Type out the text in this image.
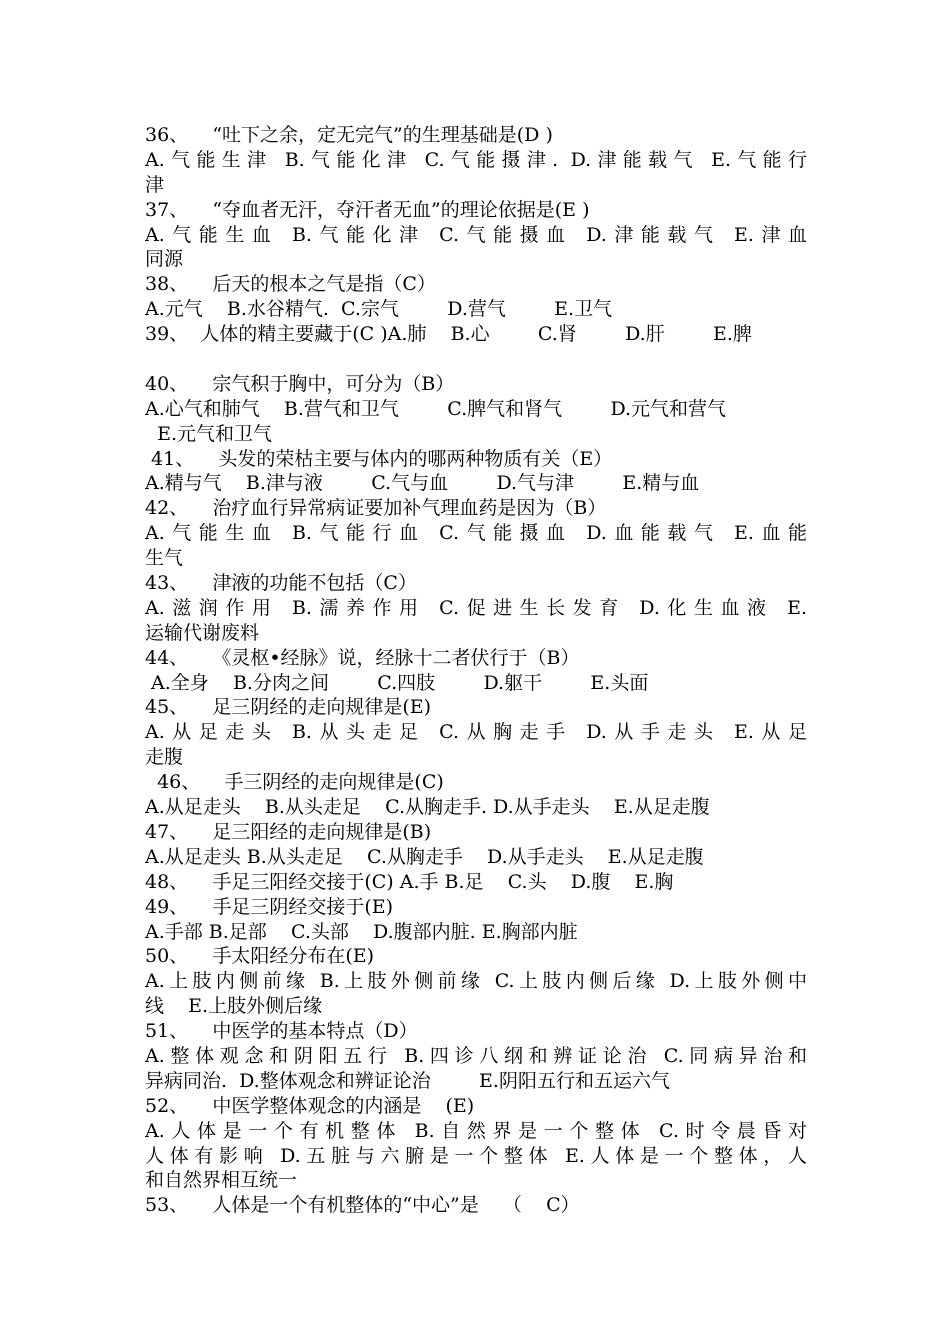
36、    “吐下之余，定无完气”的生理基础是(D )
A.气能生津 B.气能化津 C.气能摄津. D.津能载气 E.气能行
津
37、    “夺血者无汗，夺汗者无血”的理论依据是(E )
A.气能生血 B.气能化津 C.气能摄血 D.津能载气 E.津血
同源
38、    后天的根本之气是指（C）
A.元气    B.水谷精气.  C.宗气        D.营气        E.卫气
39、  人体的精主要藏于(C )A.肺    B.心        C.肾        D.肝        E.脾
40、    宗气积于胸中，可分为（B）
A.心气和肺气    B.营气和卫气        C.脾气和肾气        D.元气和营气
E.元气和卫气
41、    头发的荣枯主要与体内的哪两种物质有关（E）
A.精与气    B.津与液        C.气与血        D.气与津        E.精与血
42、    治疗血行异常病证要加补气理血药是因为（B）
A.气能生血 B.气能行血 C.气能摄血 D.血能载气 E.血能
生气
43、    津液的功能不包括（C）
A.滋润作用 B.濡养作用 C.促进生长发育 D.化生血液 E.
运输代谢废料
44、    《灵枢•经脉》说，经脉十二者伏行于（B）
A.全身    B.分肉之间        C.四肢        D.躯干        E.头面
45、    足三阴经的走向规律是(E)
A.从足走头 B.从头走足 C.从胸走手 D.从手走头 E.从足
走腹
46、    手三阴经的走向规律是(C)
A.从足走头    B.从头走足    C.从胸走手. D.从手走头    E.从足走腹
47、    足三阳经的走向规律是(B)
A.从足走头 B.从头走足    C.从胸走手    D.从手走头    E.从足走腹
48、    手足三阳经交接于(C) A.手 B.足    C.头    D.腹    E.胸
49、    手足三阴经交接于(E)
A.手部 B.足部    C.头部    D.腹部内脏. E.胸部内脏
50、    手太阳经分布在(E)
A.上肢内侧前缘 B.上肢外侧前缘 C.上肢内侧后缘 D.上肢外侧中
线    E.上肢外侧后缘
51、    中医学的基本特点（D）
A.整体观念和阴阳五行 B.四诊八纲和辨证论治 C.同病异治和
异病同治.  D.整体观念和辨证论治        E.阴阳五行和五运六气
52、    中医学整体观念的内涵是    (E)
A.人体是一个有机整体 B.自然界是一个整体 C.时令晨昏对
人体有影响 D.五脏与六腑是一个整体 E.人体是一个整体，人
和自然界相互统一
53、    人体是一个有机整体的“中心”是    （    C）
